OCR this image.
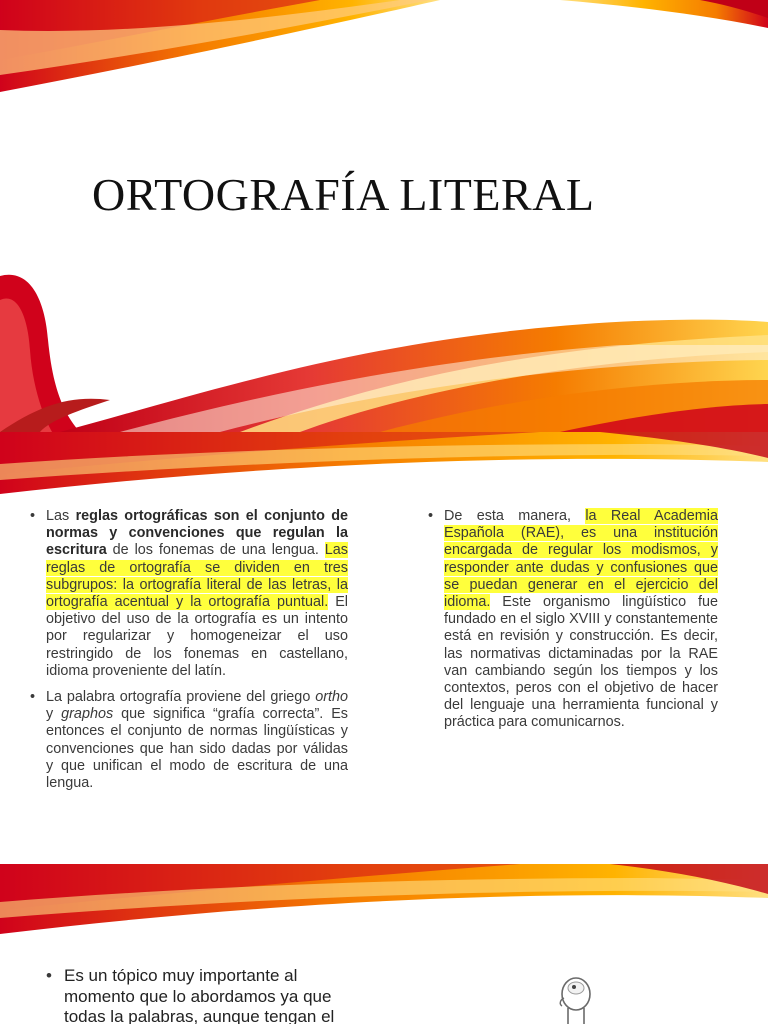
ORTOGRAFÍA LITERAL

• Las reglas ortográficas son el conjunto de normas y convenciones que regulan la escritura de los fonemas de una lengua. Las reglas de ortografía se dividen en tres subgrupos: la ortografía literal de las letras, la ortografía acentual y la ortografía puntual. El objetivo del uso de la ortografía es un intento por regularizar y homogeneizar el uso restringido de los fonemas en castellano, idioma proveniente del latín.

• La palabra ortografía proviene del griego ortho y graphos que significa “grafía correcta”. Es entonces el conjunto de normas lingüísticas y convenciones que han sido dadas por válidas y que unifican el modo de escritura de una lengua.

• De esta manera, la Real Academia Española (RAE), es una institución encargada de regular los modismos, y responder ante dudas y confusiones que se puedan generar en el ejercicio del idioma. Este organismo lingüístico fue fundado en el siglo XVIII y constantemente está en revisión y construcción. Es decir, las normativas dictaminadas por la RAE van cambiando según los tiempos y los contextos, peros con el objetivo de hacer del lenguaje una herramienta funcional y práctica para comunicarnos.

• Es un tópico muy importante al momento que lo abordamos ya que todas la palabras, aunque tengan el
